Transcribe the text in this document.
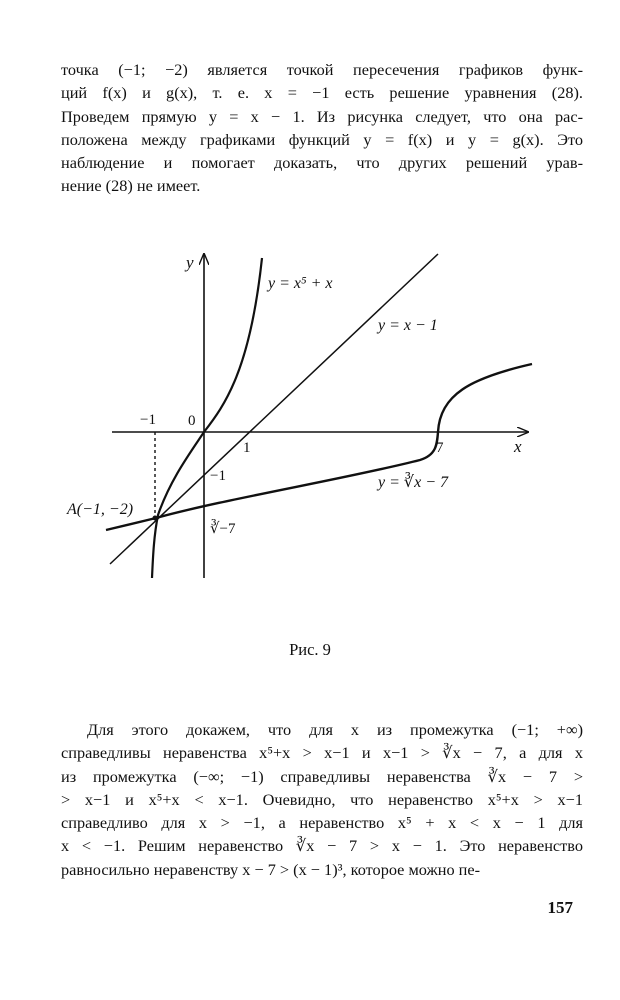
точка (−1; −2) является точкой пересечения графиков функ-
ций f(x) и g(x), т. е. x = −1 есть решение уравнения (28).
Проведем прямую y = x − 1. Из рисунка следует, что она рас-
положена между графиками функций y = f(x) и y = g(x). Это
наблюдение и помогает доказать, что других решений урав-
нение (28) не имеет.
y
x
y = x⁵ + x
y = x − 1
y = ∛x − 7
A(−1, −2)
−1 0
1	7
−1
∛−7
Рис. 9
Для этого докажем, что для x из промежутка (−1; +∞)
справедливы неравенства x⁵+x > x−1 и x−1 > ∛x − 7, а для x
из промежутка (−∞; −1) справедливы неравенства ∛x − 7 >
> x−1 и x⁵+x < x−1. Очевидно, что неравенство x⁵+x > x−1
справедливо для x > −1, а неравенство x⁵ + x < x − 1 для
x < −1. Решим неравенство ∛x − 7 > x − 1. Это неравенство
равносильно неравенству x − 7 > (x − 1)³, которое можно пе-
157
